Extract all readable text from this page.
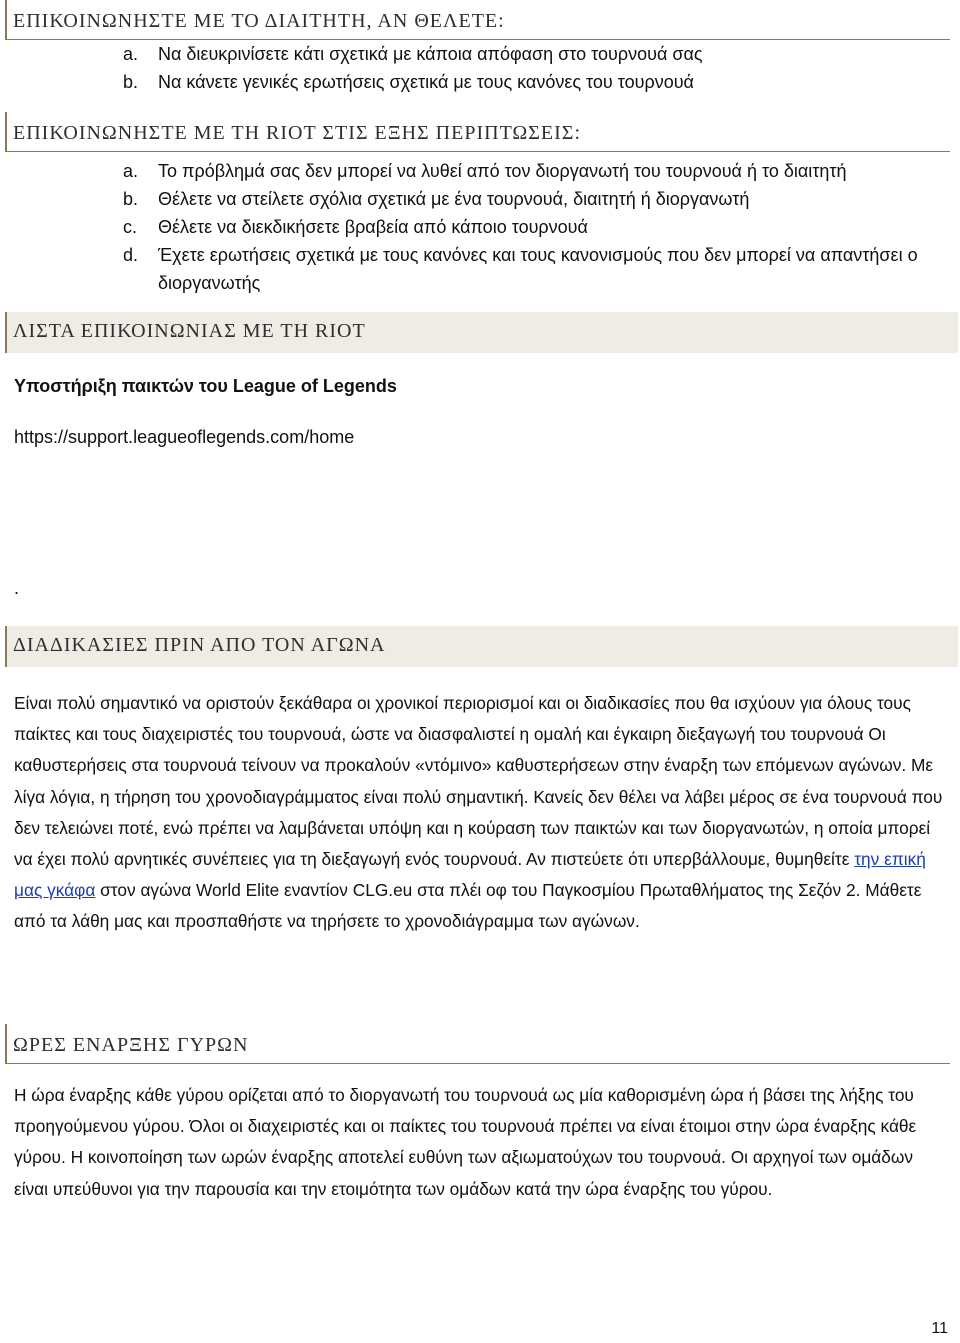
ΕΠΙΚΟΙΝΩΝΗΣΤΕ ΜΕ ΤΟ ΔΙΑΙΤΗΤΗ, ΑΝ ΘΕΛΕΤΕ:
a. Να διευκρινίσετε κάτι σχετικά με κάποια απόφαση στο τουρνουά σας
b. Να κάνετε γενικές ερωτήσεις σχετικά με τους κανόνες του τουρνουά
ΕΠΙΚΟΙΝΩΝΗΣΤΕ ΜΕ ΤΗ RIOT ΣΤΙΣ ΕΞΗΣ ΠΕΡΙΠΤΩΣΕΙΣ:
a. Το πρόβλημά σας δεν μπορεί να λυθεί από τον διοργανωτή του τουρνουά ή το διαιτητή
b. Θέλετε να στείλετε σχόλια σχετικά με ένα τουρνουά, διαιτητή ή διοργανωτή
c. Θέλετε να διεκδικήσετε βραβεία από κάποιο τουρνουά
d. Έχετε ερωτήσεις σχετικά με τους κανόνες και τους κανονισμούς που δεν μπορεί να απαντήσει ο διοργανωτής
ΛΙΣΤΑ ΕΠΙΚΟΙΝΩΝΙΑΣ ΜΕ ΤΗ RIOT
Υποστήριξη παικτών του League of Legends
https://support.leagueoflegends.com/home
.
ΔΙΑΔΙΚΑΣΙΕΣ ΠΡΙΝ ΑΠΟ ΤΟΝ ΑΓΩΝΑ

Είναι πολύ σημαντικό να οριστούν ξεκάθαρα οι χρονικοί περιορισμοί και οι διαδικασίες που θα ισχύουν για όλους τους παίκτες και τους διαχειριστές του τουρνουά, ώστε να διασφαλιστεί η ομαλή και έγκαιρη διεξαγωγή του τουρνουά Οι καθυστερήσεις στα τουρνουά τείνουν να προκαλούν «ντόμινο» καθυστερήσεων στην έναρξη των επόμενων αγώνων. Με λίγα λόγια, η τήρηση του χρονοδιαγράμματος είναι πολύ σημαντική. Κανείς δεν θέλει να λάβει μέρος σε ένα τουρνουά που δεν τελειώνει ποτέ, ενώ πρέπει να λαμβάνεται υπόψη και η κούραση των παικτών και των διοργανωτών, η οποία μπορεί να έχει πολύ αρνητικές συνέπειες για τη διεξαγωγή ενός τουρνουά. Αν πιστεύετε ότι υπερβάλλουμε, θυμηθείτε την επική μας γκάφα στον αγώνα World Elite εναντίον CLG.eu στα πλέι οφ του Παγκοσμίου Πρωταθλήματος της Σεζόν 2. Μάθετε από τα λάθη μας και προσπαθήστε να τηρήσετε το χρονοδιάγραμμα των αγώνων.

ΩΡΕΣ ΕΝΑΡΞΗΣ ΓΥΡΩΝ

Η ώρα έναρξης κάθε γύρου ορίζεται από το διοργανωτή του τουρνουά ως μία καθορισμένη ώρα ή βάσει της λήξης του προηγούμενου γύρου. Όλοι οι διαχειριστές και οι παίκτες του τουρνουά πρέπει να είναι έτοιμοι στην ώρα έναρξης κάθε γύρου. Η κοινοποίηση των ωρών έναρξης αποτελεί ευθύνη των αξιωματούχων του τουρνουά. Οι αρχηγοί των ομάδων είναι υπεύθυνοι για την παρουσία και την ετοιμότητα των ομάδων κατά την ώρα έναρξης του γύρου.

11
